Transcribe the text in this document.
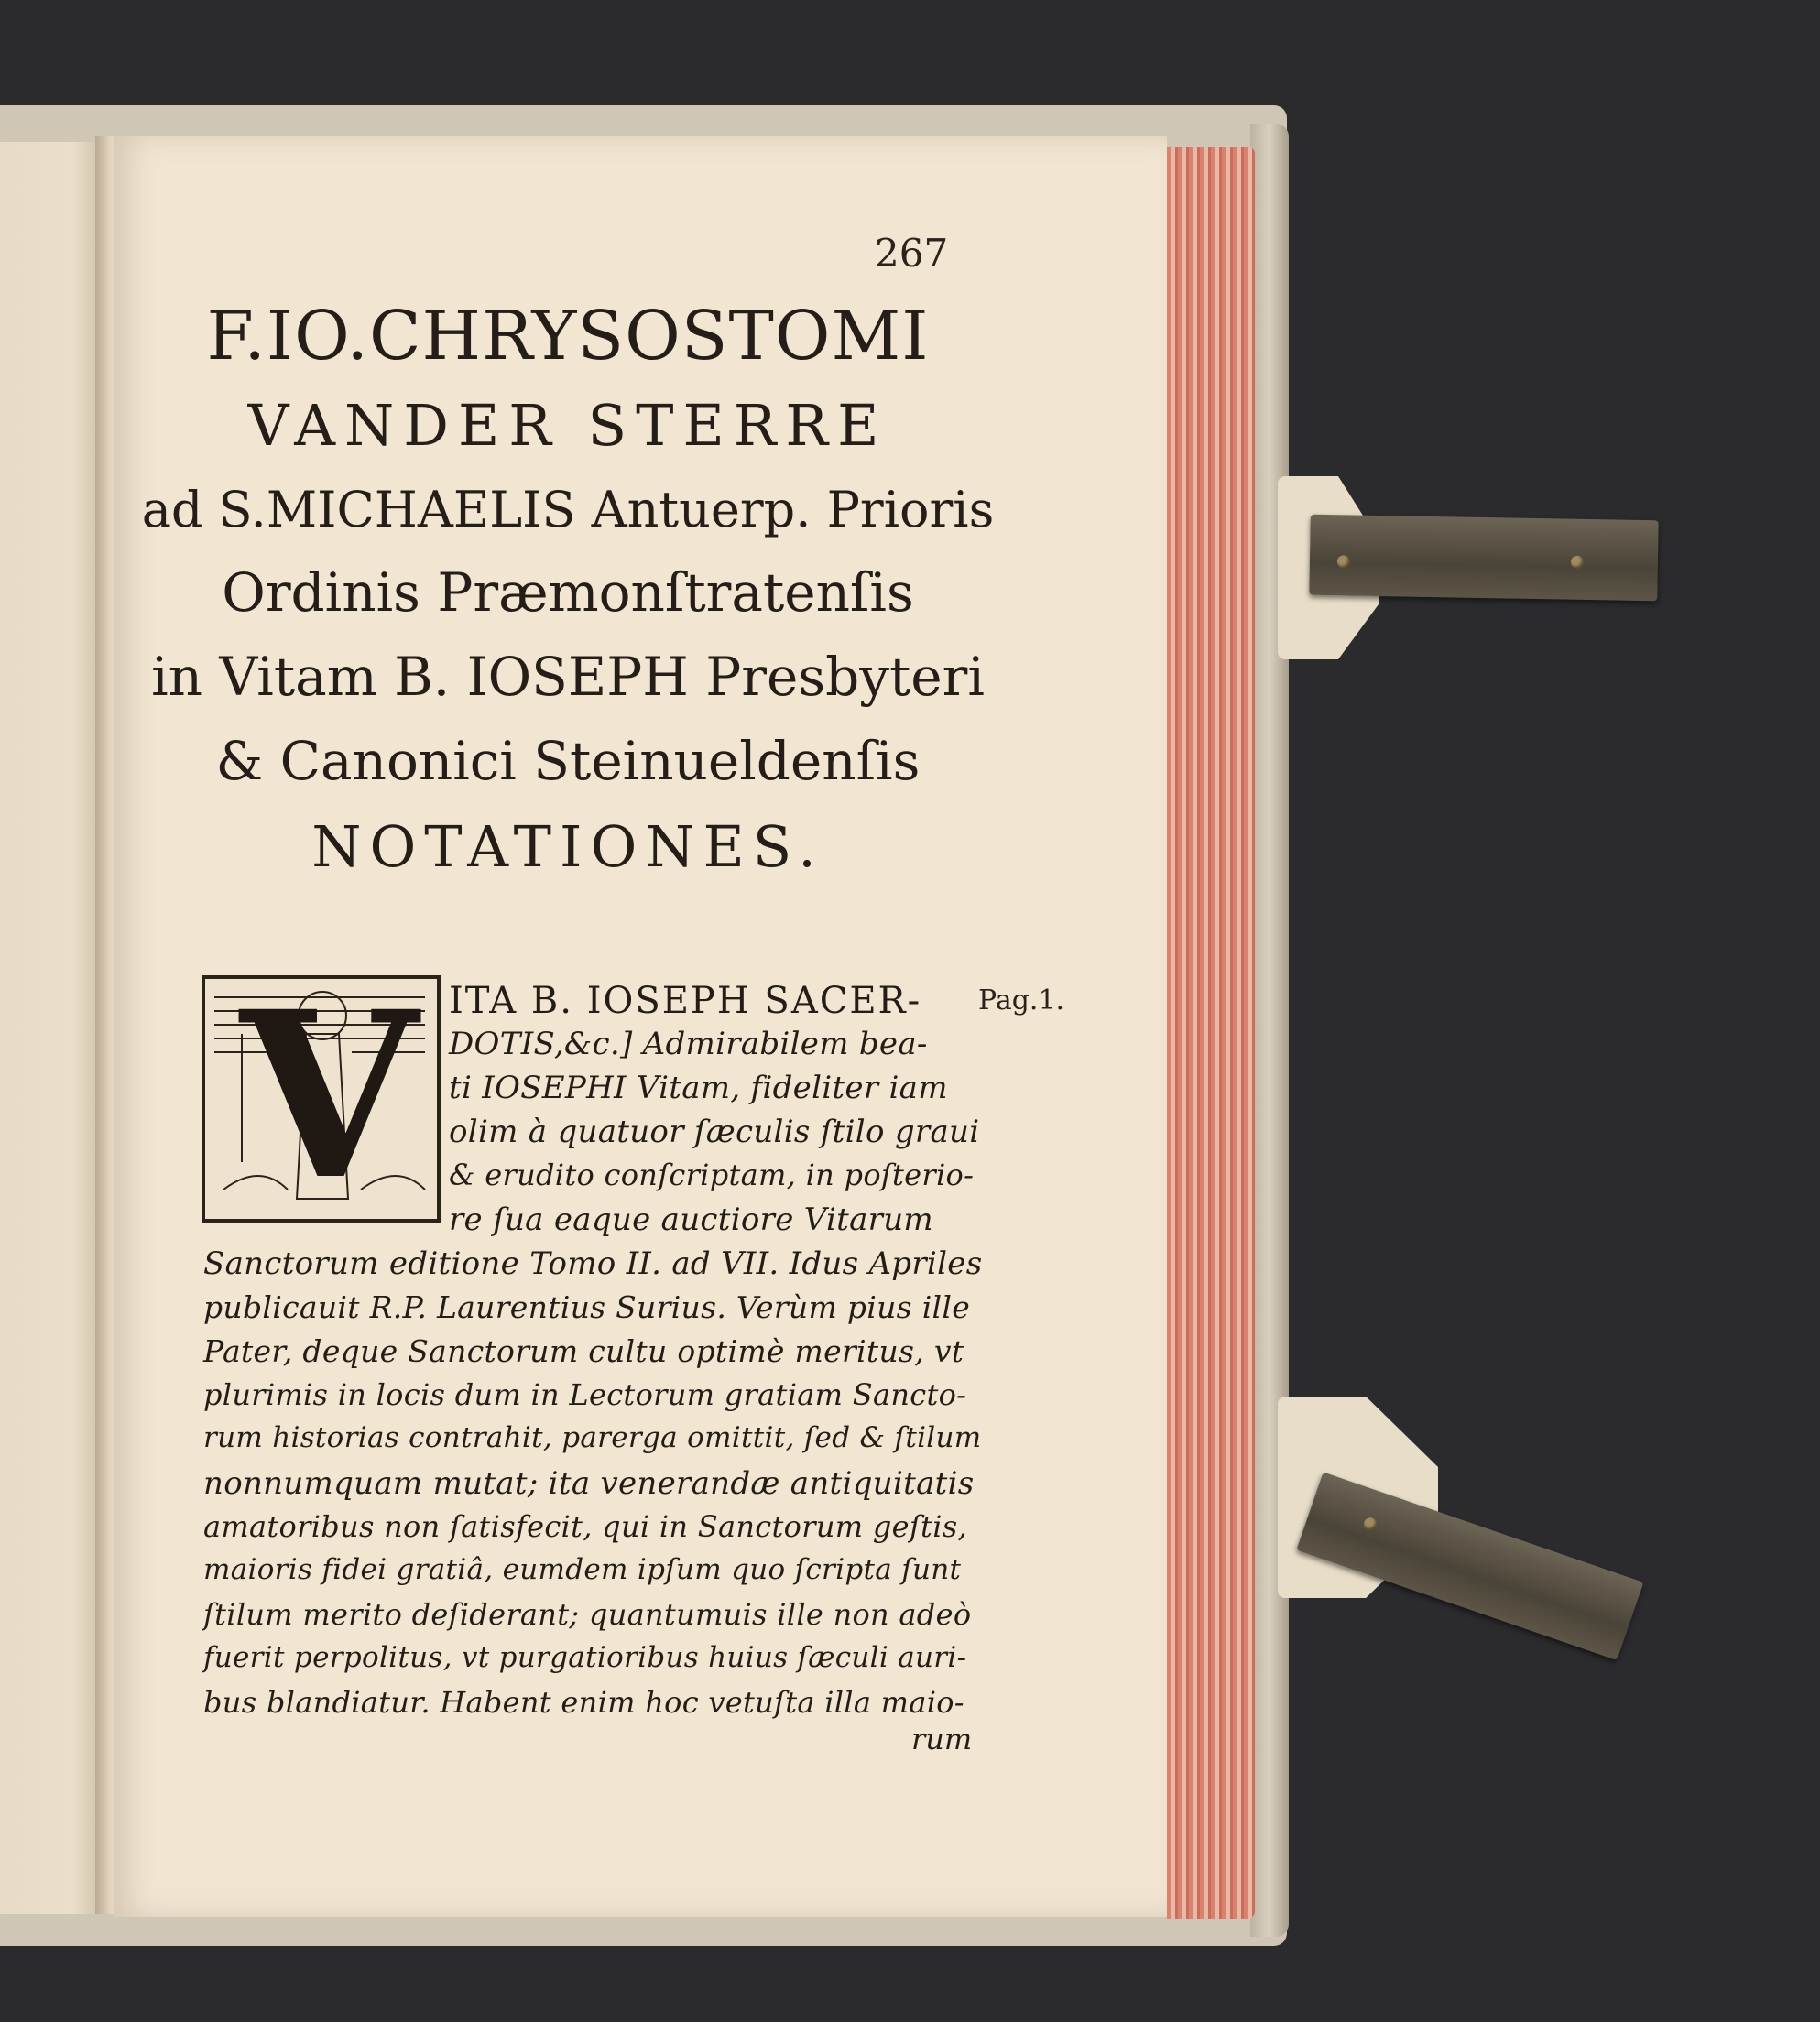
267
F.IO.CHRYSOSTOMI
VANDER STERRE
ad S.MICHAELIS Antuerp. Prioris
Ordinis Præmonſtratenſis
in Vitam B. IOSEPH Presbyteri
& Canonici Steinueldenſis
NOTATIONES.
V	Pag.1.
ITA B. IOSEPH SACER-
DOTIS,&c.] Admirabilem bea-
ti IOSEPHI Vitam, fideliter iam
olim à quatuor ſæculis ſtilo graui
& erudito conſcriptam, in poſterio-
re ſua eaque auctiore Vitarum
Sanctorum editione Tomo II. ad VII. Idus Apriles
publicauit R.P. Laurentius Surius. Verùm pius ille
Pater, deque Sanctorum cultu optimè meritus, vt
plurimis in locis dum in Lectorum gratiam Sancto-
rum historias contrahit, parerga omittit, ſed & ſtilum
nonnumquam mutat; ita venerandæ antiquitatis
amatoribus non ſatisfecit, qui in Sanctorum geſtis,
maioris fidei gratiâ, eumdem ipſum quo ſcripta ſunt
ſtilum merito deſiderant; quantumuis ille non adeò
fuerit perpolitus, vt purgatioribus huius ſæculi auri-
bus blandiatur. Habent enim hoc vetuſta illa maio-
rum
